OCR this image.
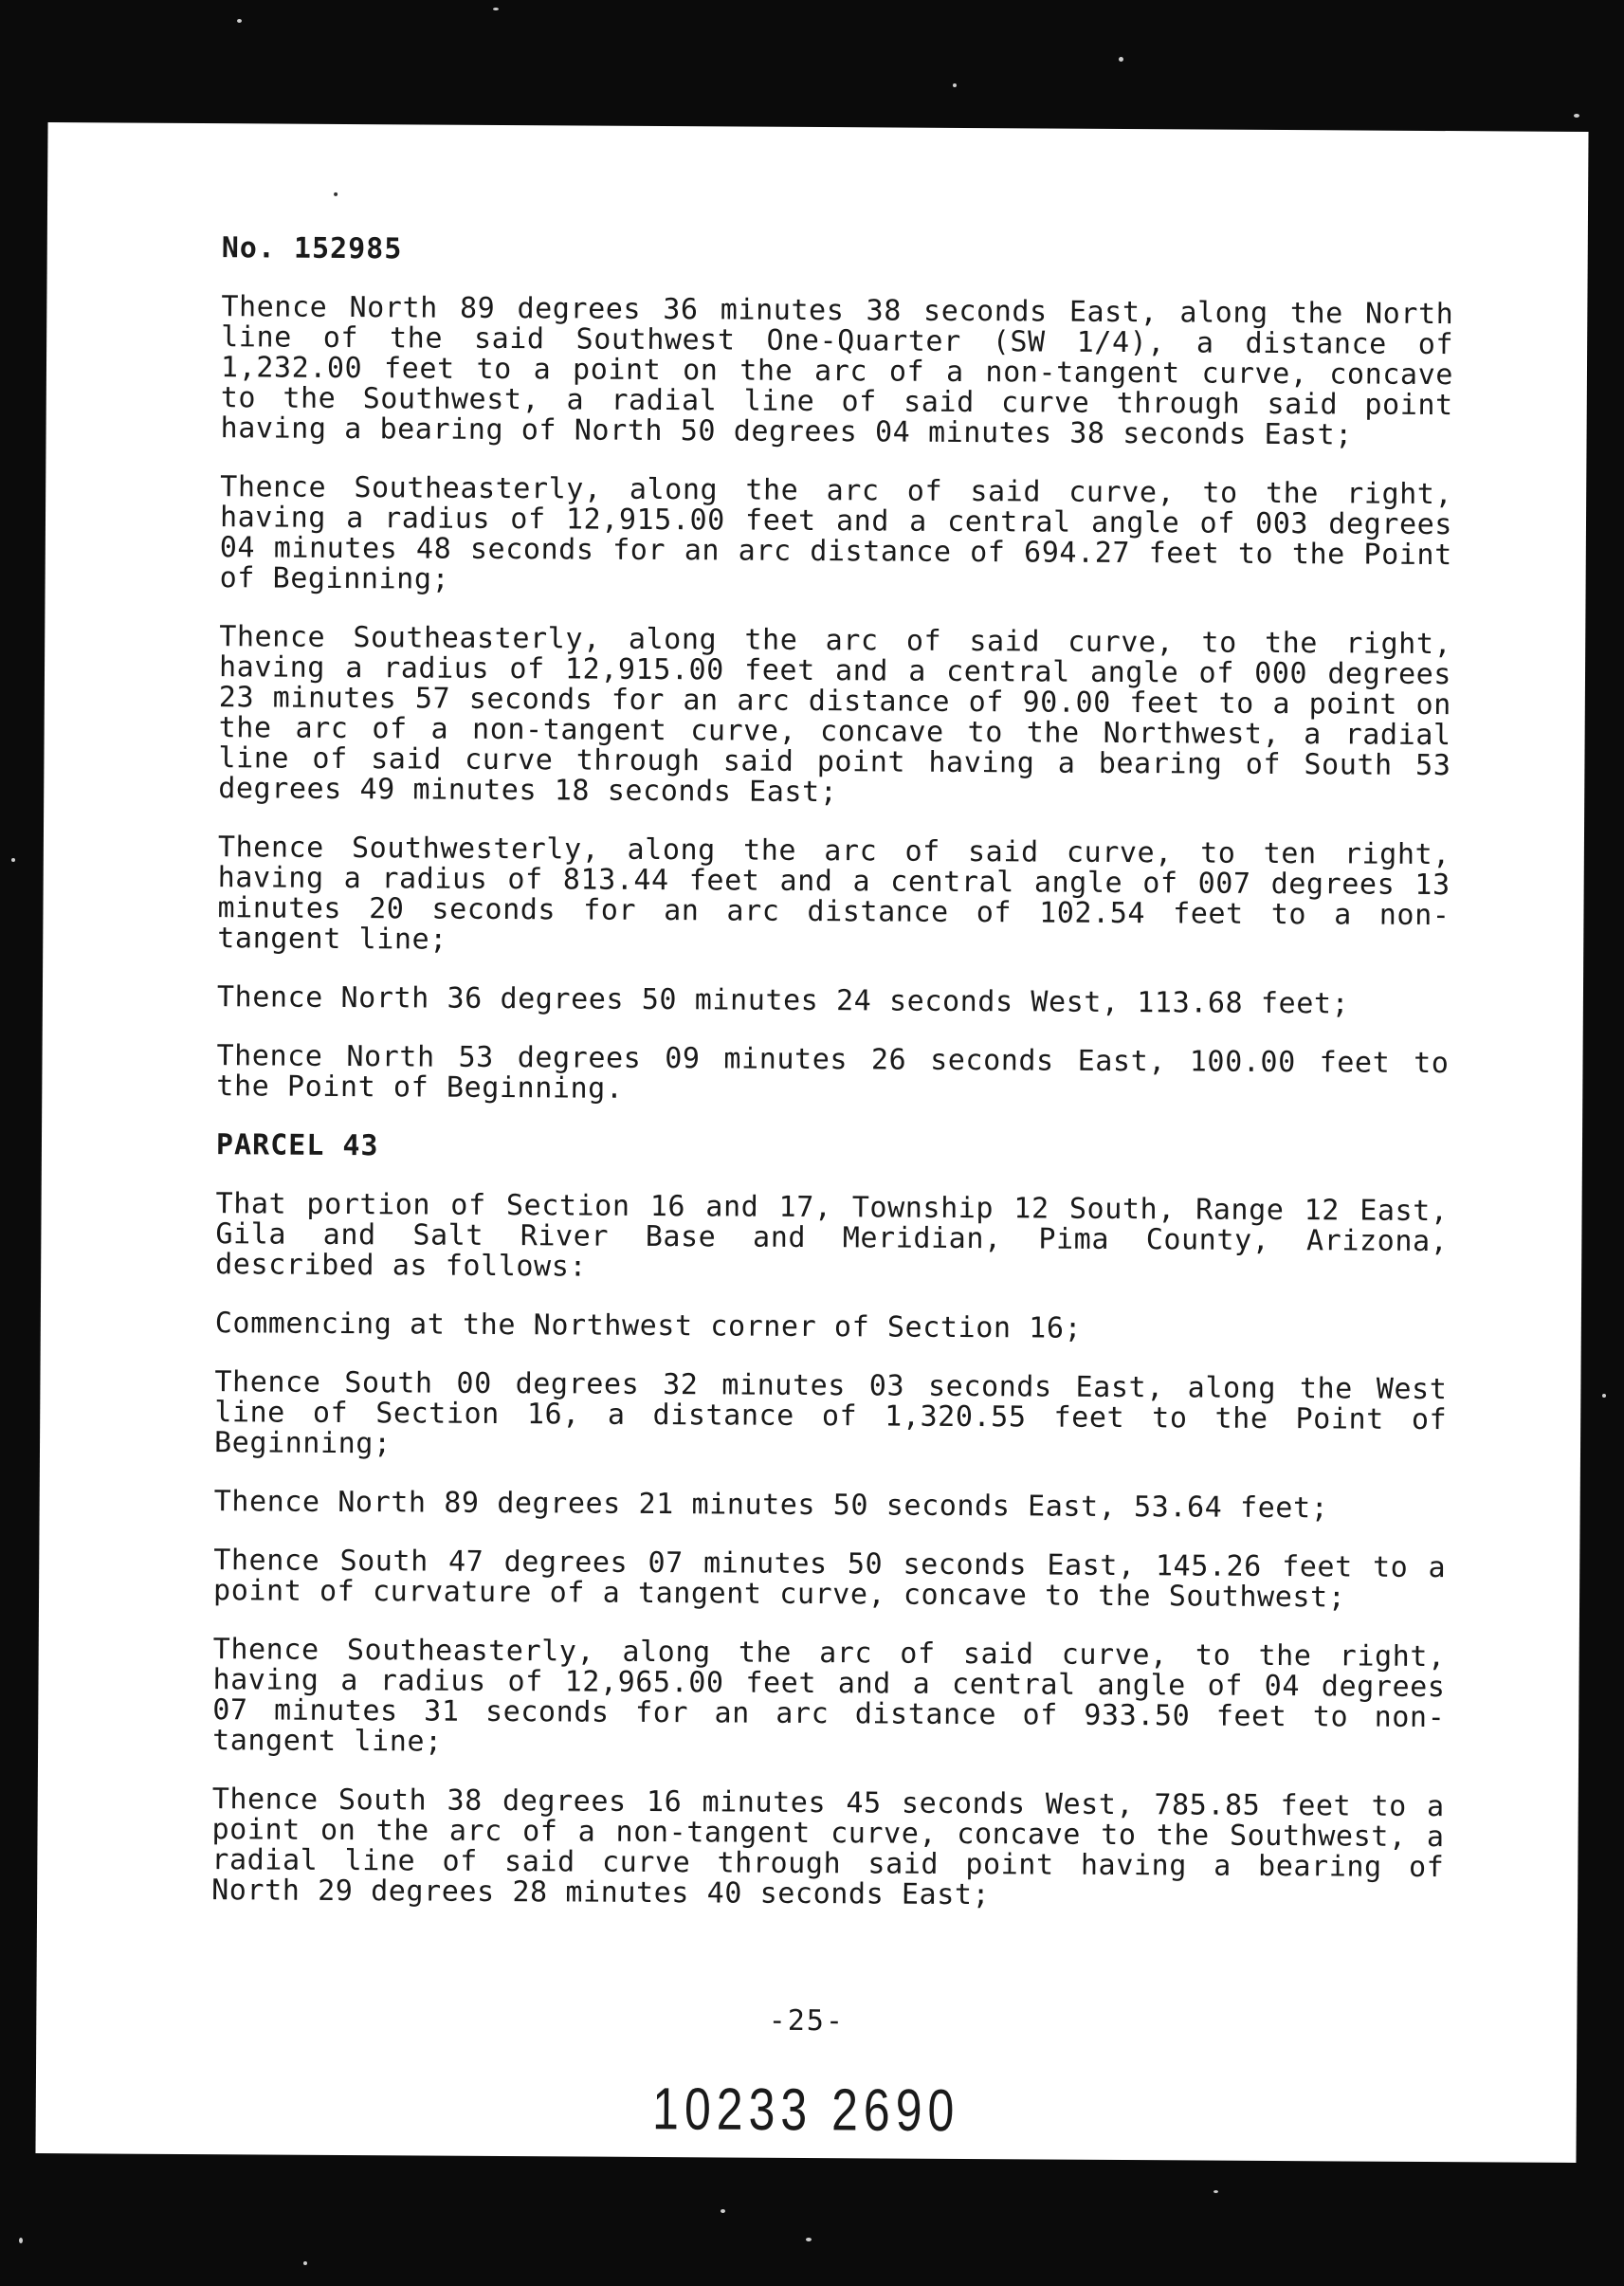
No. 152985

Thence North 89 degrees 36 minutes 38 seconds East, along the North line of the said Southwest One-Quarter (SW 1/4), a distance of 1,232.00 feet to a point on the arc of a non-tangent curve, concave to the Southwest, a radial line of said curve through said point having a bearing of North 50 degrees 04 minutes 38 seconds East;

Thence Southeasterly, along the arc of said curve, to the right, having a radius of 12,915.00 feet and a central angle of 003 degrees 04 minutes 48 seconds for an arc distance of 694.27 feet to the Point of Beginning;

Thence Southeasterly, along the arc of said curve, to the right, having a radius of 12,915.00 feet and a central angle of 000 degrees 23 minutes 57 seconds for an arc distance of 90.00 feet to a point on the arc of a non-tangent curve, concave to the Northwest, a radial line of said curve through said point having a bearing of South 53 degrees 49 minutes 18 seconds East;

Thence Southwesterly, along the arc of said curve, to ten right, having a radius of 813.44 feet and a central angle of 007 degrees 13 minutes 20 seconds for an arc distance of 102.54 feet to a non-tangent line;

Thence North 36 degrees 50 minutes 24 seconds West, 113.68 feet;

Thence North 53 degrees 09 minutes 26 seconds East, 100.00 feet to the Point of Beginning.

PARCEL 43

That portion of Section 16 and 17, Township 12 South, Range 12 East, Gila and Salt River Base and Meridian, Pima County, Arizona, described as follows:

Commencing at the Northwest corner of Section 16;

Thence South 00 degrees 32 minutes 03 seconds East, along the West line of Section 16, a distance of 1,320.55 feet to the Point of Beginning;

Thence North 89 degrees 21 minutes 50 seconds East, 53.64 feet;

Thence South 47 degrees 07 minutes 50 seconds East, 145.26 feet to a point of curvature of a tangent curve, concave to the Southwest;

Thence Southeasterly, along the arc of said curve, to the right, having a radius of 12,965.00 feet and a central angle of 04 degrees 07 minutes 31 seconds for an arc distance of 933.50 feet to non-tangent line;

Thence South 38 degrees 16 minutes 45 seconds West, 785.85 feet to a point on the arc of a non-tangent curve, concave to the Southwest, a radial line of said curve through said point having a bearing of North 29 degrees 28 minutes 40 seconds East;

-25-
10233 2690
